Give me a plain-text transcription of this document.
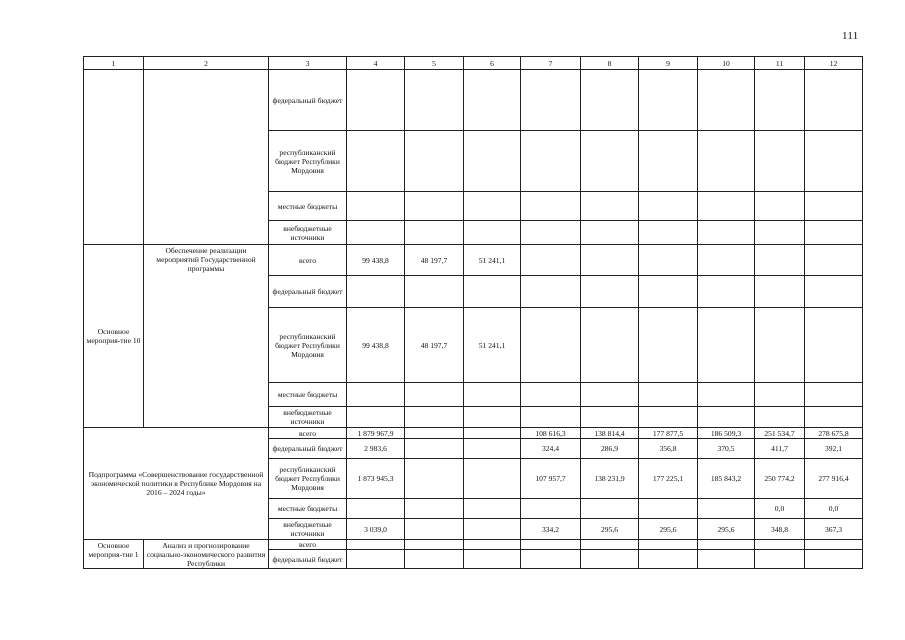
111
1	2	3	4	5	6	7	8	9	10	11	12
		федеральный бюджет									
		республиканский бюджет Республики Мордовия									
		местные бюджеты									
		внебюджетные источники									
Основное мероприя-тие 10	Обеспечение реализации мероприятий Государственной программы	всего	99 438,8	48 197,7	51 241,1						
		федеральный бюджет									
		республиканский бюджет Республики Мордовия	99 438,8	48 197,7	51 241,1						
		местные бюджеты									
		внебюджетные источники									
Подпрограмма «Совершенствование государственной экономической политики в Республике Мордовия на 2016 – 2024 годы»		всего	1 879 967,9			108 616,3	138 814,4	177 877,5	186 509,3	251 534,7	278 675,8
		федеральный бюджет	2 983,6			324,4	286,9	356,8	370,5	411,7	392,1
		республиканский бюджет Республики Мордовия	1 873 945,3			107 957,7	138 231,9	177 225,1	185 843,2	250 774,2	277 916,4
		местные бюджеты								0,0	0,0
		внебюджетные источники	3 039,0			334,2	295,6	295,6	295,6	348,8	367,3
Основное мероприя-тие 1	Анализ и прогнозирование социально-экономического развития Республики	всего									
		федеральный бюджет									
